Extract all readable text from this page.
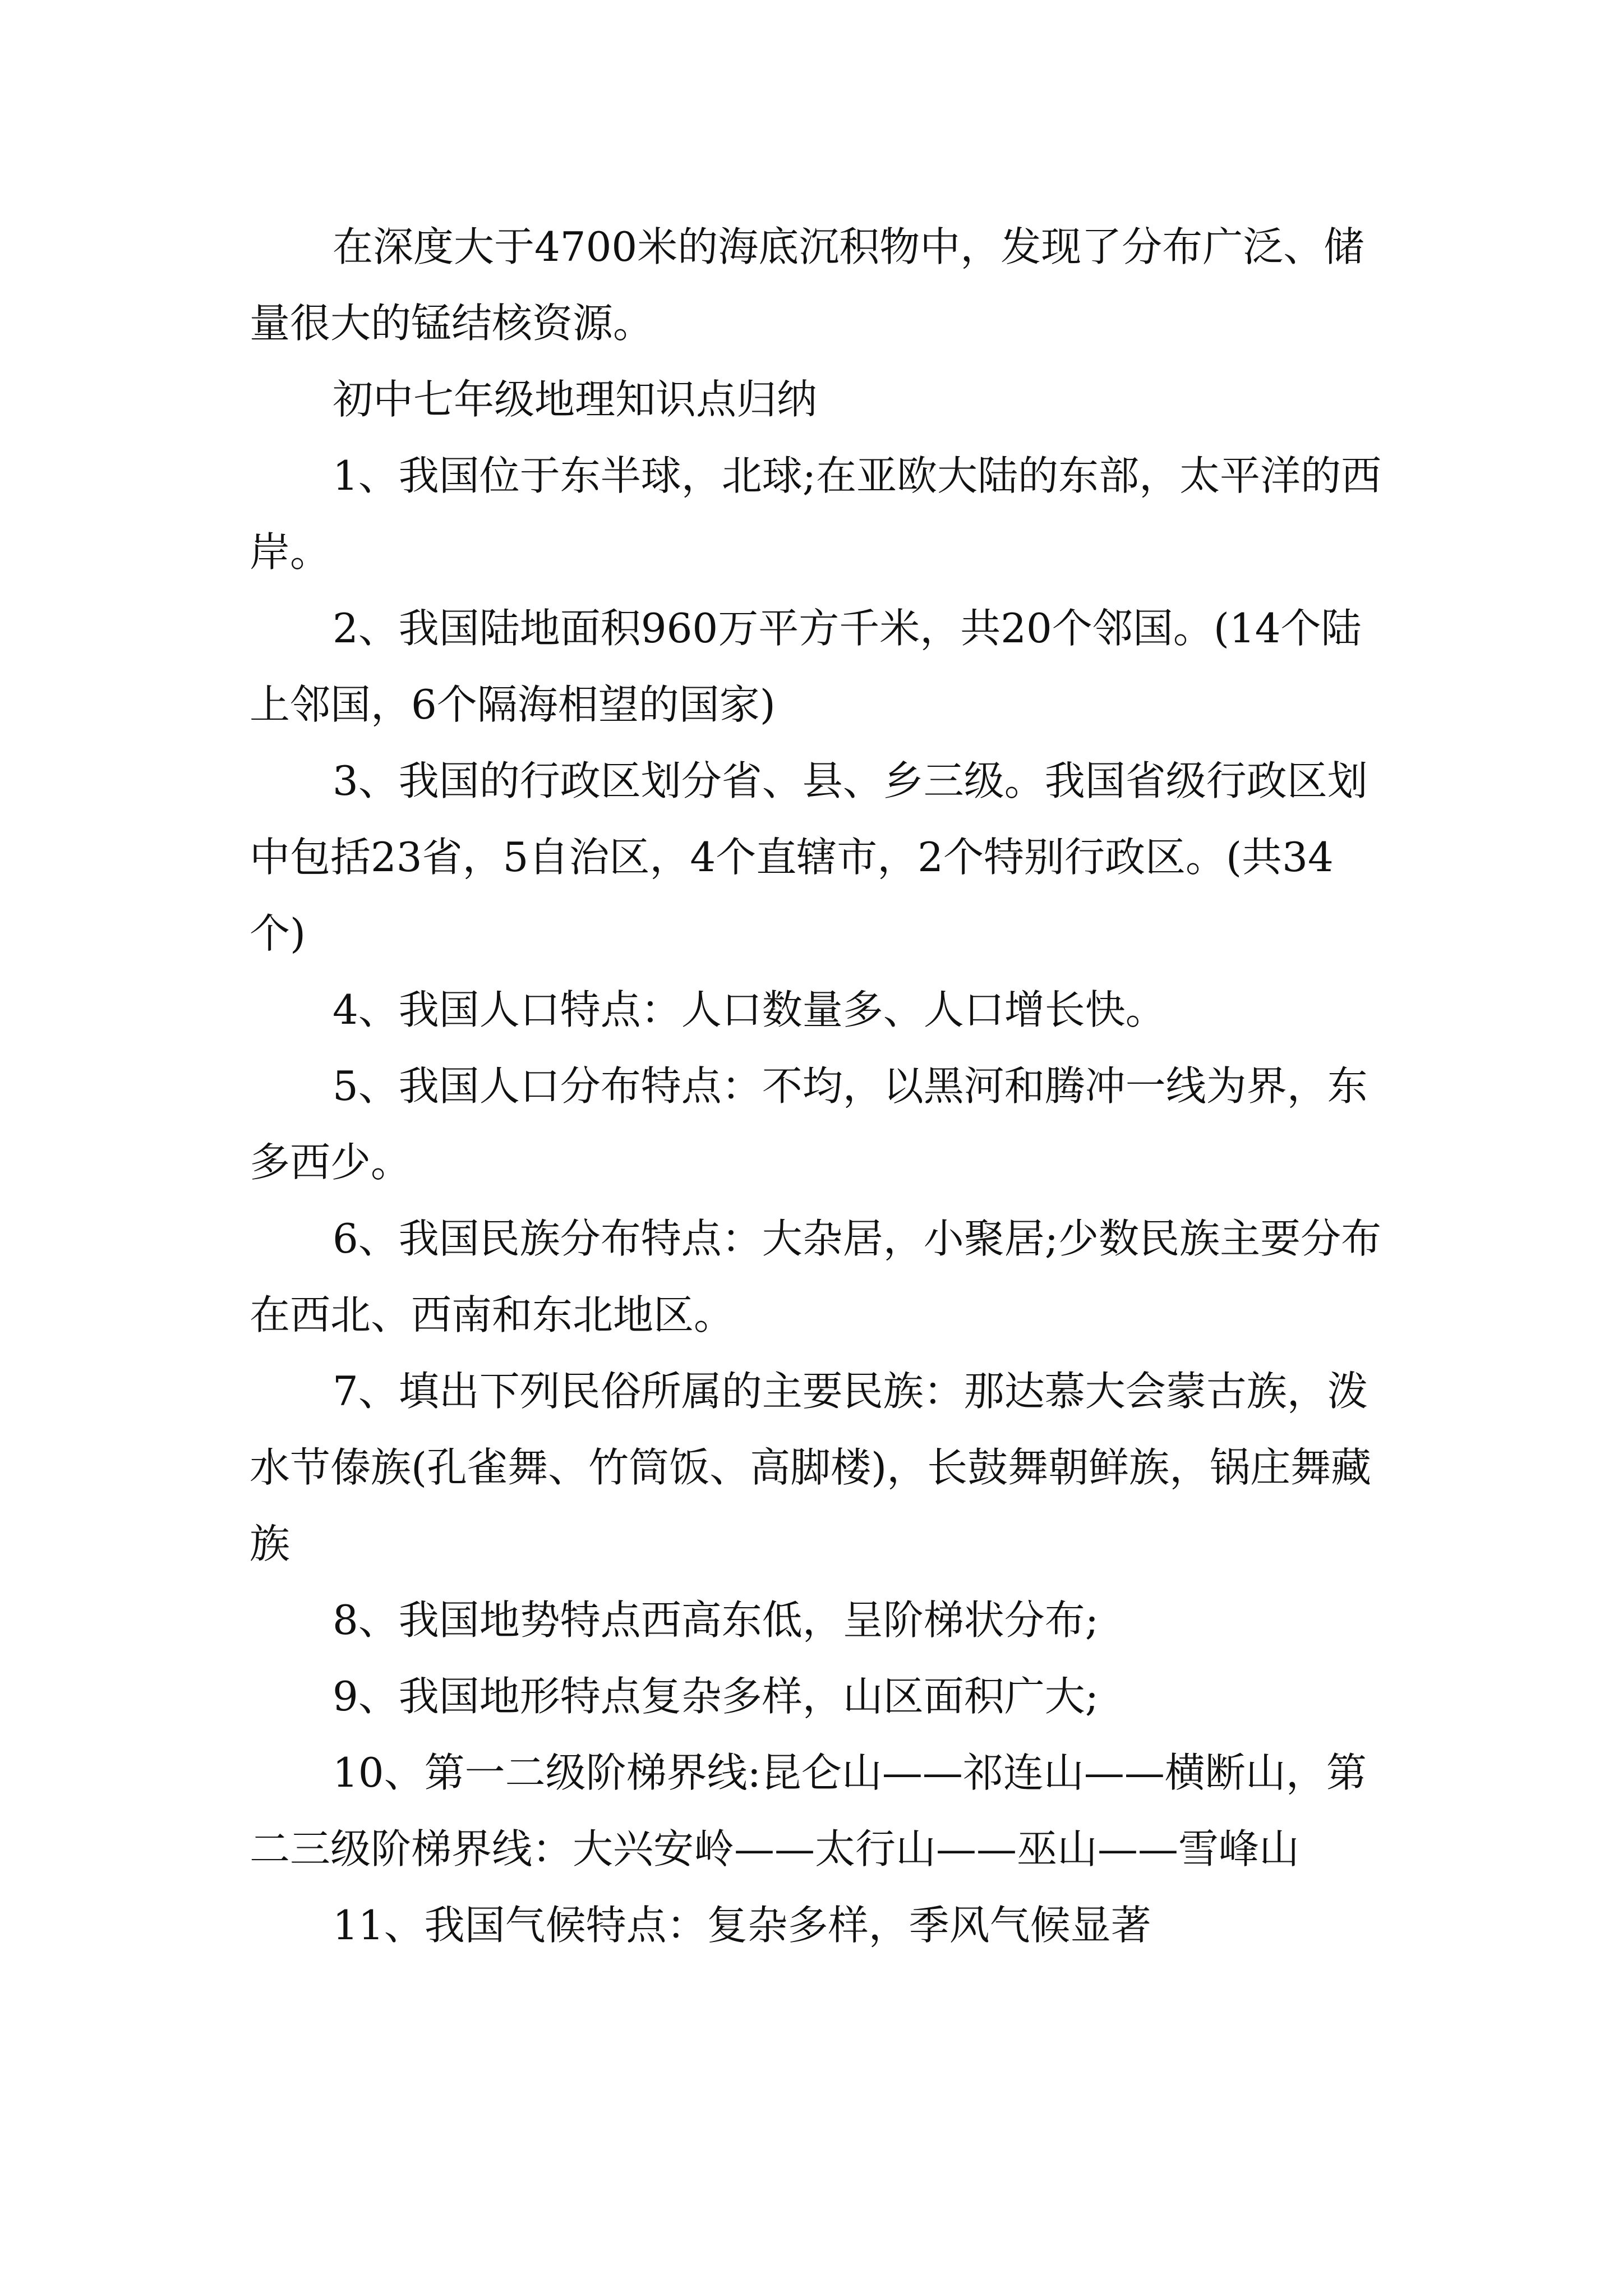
在深度大于4700米的海底沉积物中，发现了分布广泛、储量很大的锰结核资源。

初中七年级地理知识点归纳

1、我国位于东半球，北球;在亚欧大陆的东部，太平洋的西岸。

2、我国陆地面积960万平方千米，共20个邻国。(14个陆上邻国，6个隔海相望的国家)

3、我国的行政区划分省、县、乡三级。我国省级行政区划中包括23省，5自治区，4个直辖市，2个特别行政区。(共34个)

4、我国人口特点：人口数量多、人口增长快。

5、我国人口分布特点：不均，以黑河和腾冲一线为界，东多西少。

6、我国民族分布特点：大杂居，小聚居;少数民族主要分布在西北、西南和东北地区。

7、填出下列民俗所属的主要民族：那达慕大会蒙古族，泼水节傣族(孔雀舞、竹筒饭、高脚楼)，长鼓舞朝鲜族，锅庄舞藏族

8、我国地势特点西高东低，呈阶梯状分布;

9、我国地形特点复杂多样，山区面积广大;

10、第一二级阶梯界线:昆仑山——祁连山——横断山，第二三级阶梯界线：大兴安岭——太行山——巫山——雪峰山

11、我国气候特点：复杂多样，季风气候显著
